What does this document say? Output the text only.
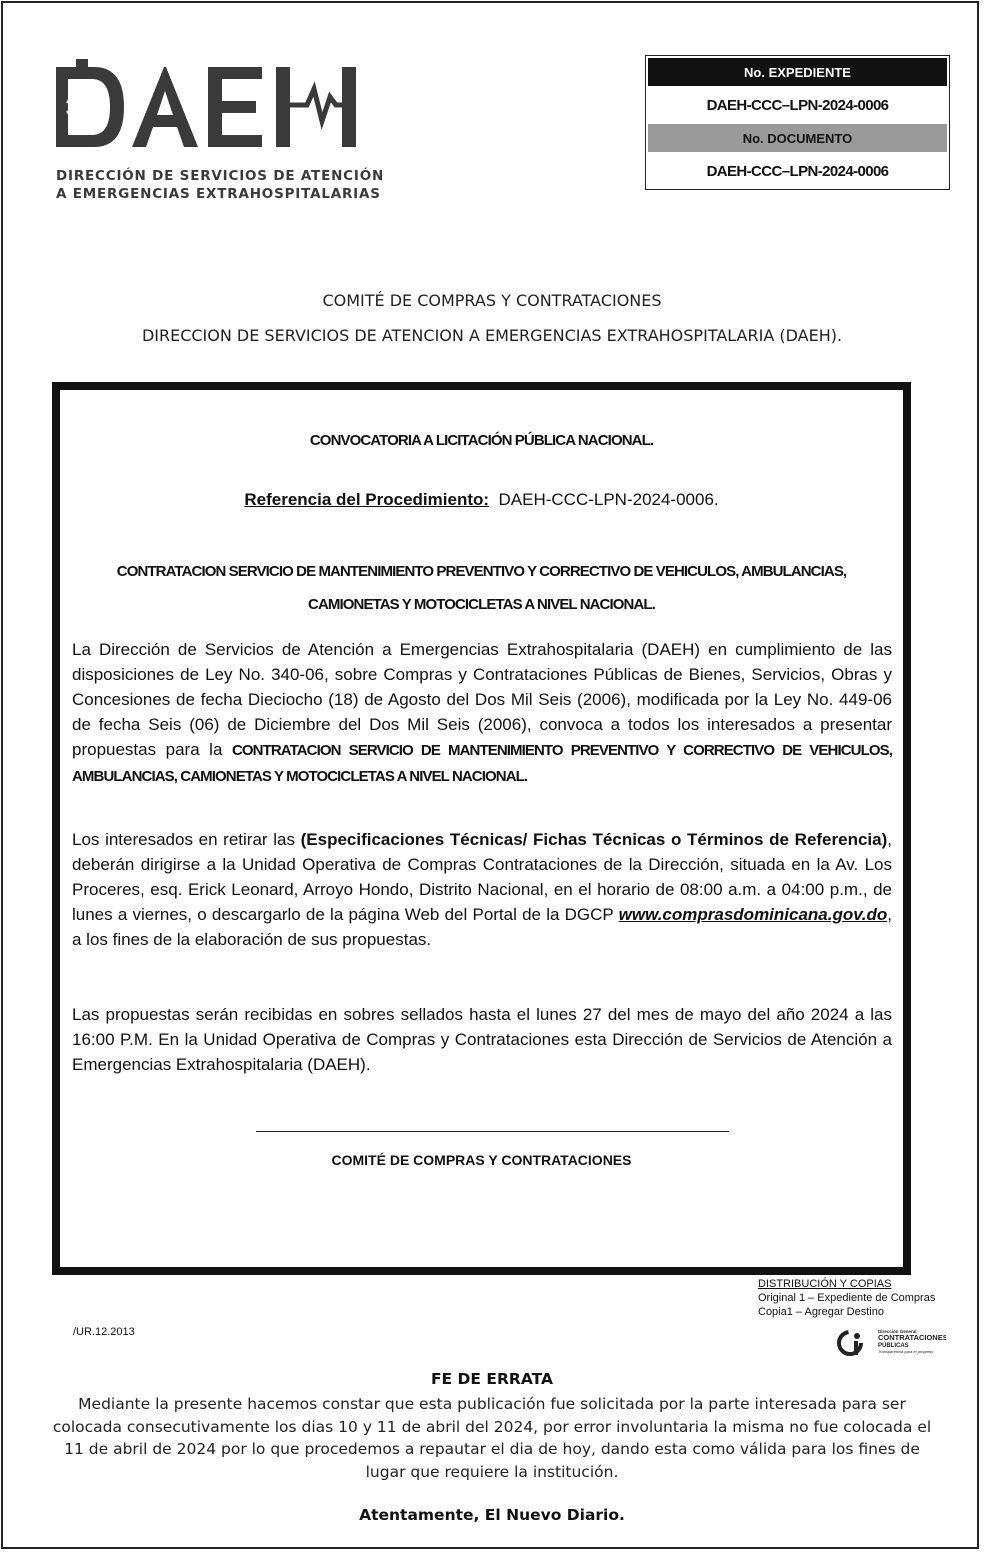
DAEH
DIRECCIÓN DE SERVICIOS DE ATENCIÓN
A EMERGENCIAS EXTRAHOSPITALARIAS
No. EXPEDIENTE
DAEH-CCC–LPN-2024-0006
No. DOCUMENTO
DAEH-CCC–LPN-2024-0006
COMITÉ DE COMPRAS Y CONTRATACIONES
DIRECCION DE SERVICIOS DE ATENCION A EMERGENCIAS EXTRAHOSPITALARIA (DAEH).
CONVOCATORIA A LICITACIÓN PÚBLICA NACIONAL.
Referencia del Procedimiento: DAEH-CCC-LPN-2024-0006.
CONTRATACION SERVICIO DE MANTENIMIENTO PREVENTIVO Y CORRECTIVO DE VEHICULOS, AMBULANCIAS,
CAMIONETAS Y MOTOCICLETAS A NIVEL NACIONAL.
La Dirección de Servicios de Atención a Emergencias Extrahospitalaria (DAEH) en cumplimiento de las disposiciones de Ley No. 340-06, sobre Compras y Contrataciones Públicas de Bienes, Servicios, Obras y Concesiones de fecha Dieciocho (18) de Agosto del Dos Mil Seis (2006), modificada por la Ley No. 449-06 de fecha Seis (06) de Diciembre del Dos Mil Seis (2006), convoca a todos los interesados a presentar propuestas para la CONTRATACION SERVICIO DE MANTENIMIENTO PREVENTIVO Y CORRECTIVO DE VEHICULOS, AMBULANCIAS, CAMIONETAS Y MOTOCICLETAS A NIVEL NACIONAL.
Los interesados en retirar las (Especificaciones Técnicas/ Fichas Técnicas o Términos de Referencia), deberán dirigirse a la Unidad Operativa de Compras Contrataciones de la Dirección, situada en la Av. Los Proceres, esq. Erick Leonard, Arroyo Hondo, Distrito Nacional, en el horario de 08:00 a.m. a 04:00 p.m., de lunes a viernes, o descargarlo de la página Web del Portal de la DGCP www.comprasdominicana.gov.do, a los fines de la elaboración de sus propuestas.
Las propuestas serán recibidas en sobres sellados hasta el lunes 27 del mes de mayo del año 2024 a las 16:00 P.M. En la Unidad Operativa de Compras y Contrataciones esta Dirección de Servicios de Atención a Emergencias Extrahospitalaria (DAEH).
COMITÉ DE COMPRAS Y CONTRATACIONES
DISTRIBUCIÓN Y COPIAS
Original 1 – Expediente de Compras
Copia1 – Agregar Destino
/UR.12.2013	Dirección General
CONTRATACIONES
PÚBLICAS
Transparencia para el progreso
FE DE ERRATA
Mediante la presente hacemos constar que esta publicación fue solicitada por la parte interesada para ser colocada consecutivamente los dias 10 y 11 de abril del 2024, por error involuntaria la misma no fue colocada el 11 de abril de 2024 por lo que procedemos a repautar el dia de hoy, dando esta como válida para los fines de lugar que requiere la institución.
Atentamente, El Nuevo Diario.
